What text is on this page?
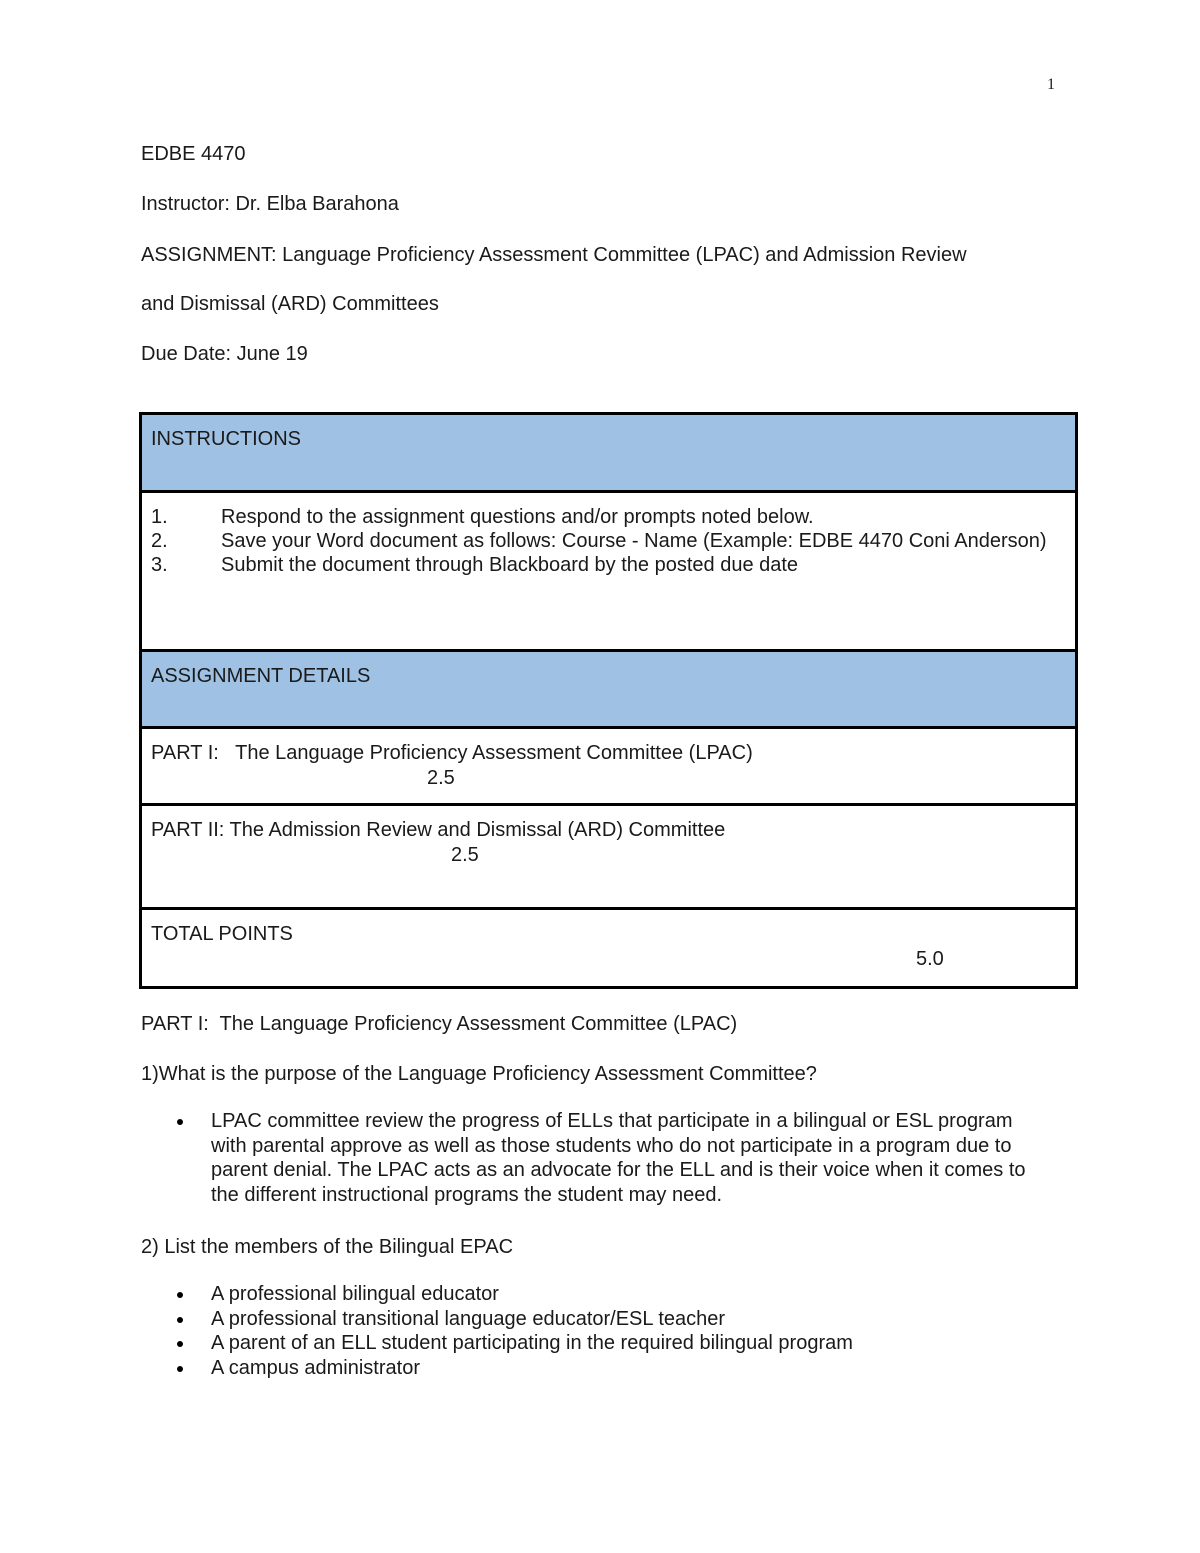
1
EDBE 4470
Instructor: Dr. Elba Barahona
ASSIGNMENT: Language Proficiency Assessment Committee (LPAC) and Admission Review
and Dismissal (ARD) Committees
Due Date: June 19
INSTRUCTIONS
1.	Respond to the assignment questions and/or prompts noted below.
2.	Save your Word document as follows: Course - Name (Example: EDBE 4470 Coni Anderson)
3.	Submit the document through Blackboard by the posted due date
ASSIGNMENT DETAILS
PART I:   The Language Proficiency Assessment Committee (LPAC)
2.5
PART II: The Admission Review and Dismissal (ARD) Committee
2.5
TOTAL POINTS
5.0
PART I:  The Language Proficiency Assessment Committee (LPAC)
1)What is the purpose of the Language Proficiency Assessment Committee?
LPAC committee review the progress of ELLs that participate in a bilingual or ESL program with parental approve as well as those students who do not participate in a program due to parent denial. The LPAC acts as an advocate for the ELL and is their voice when it comes to the different instructional programs the student may need.
2) List the members of the Bilingual EPAC
A professional bilingual educator
A professional transitional language educator/ESL teacher
A parent of an ELL student participating in the required bilingual program
A campus administrator
